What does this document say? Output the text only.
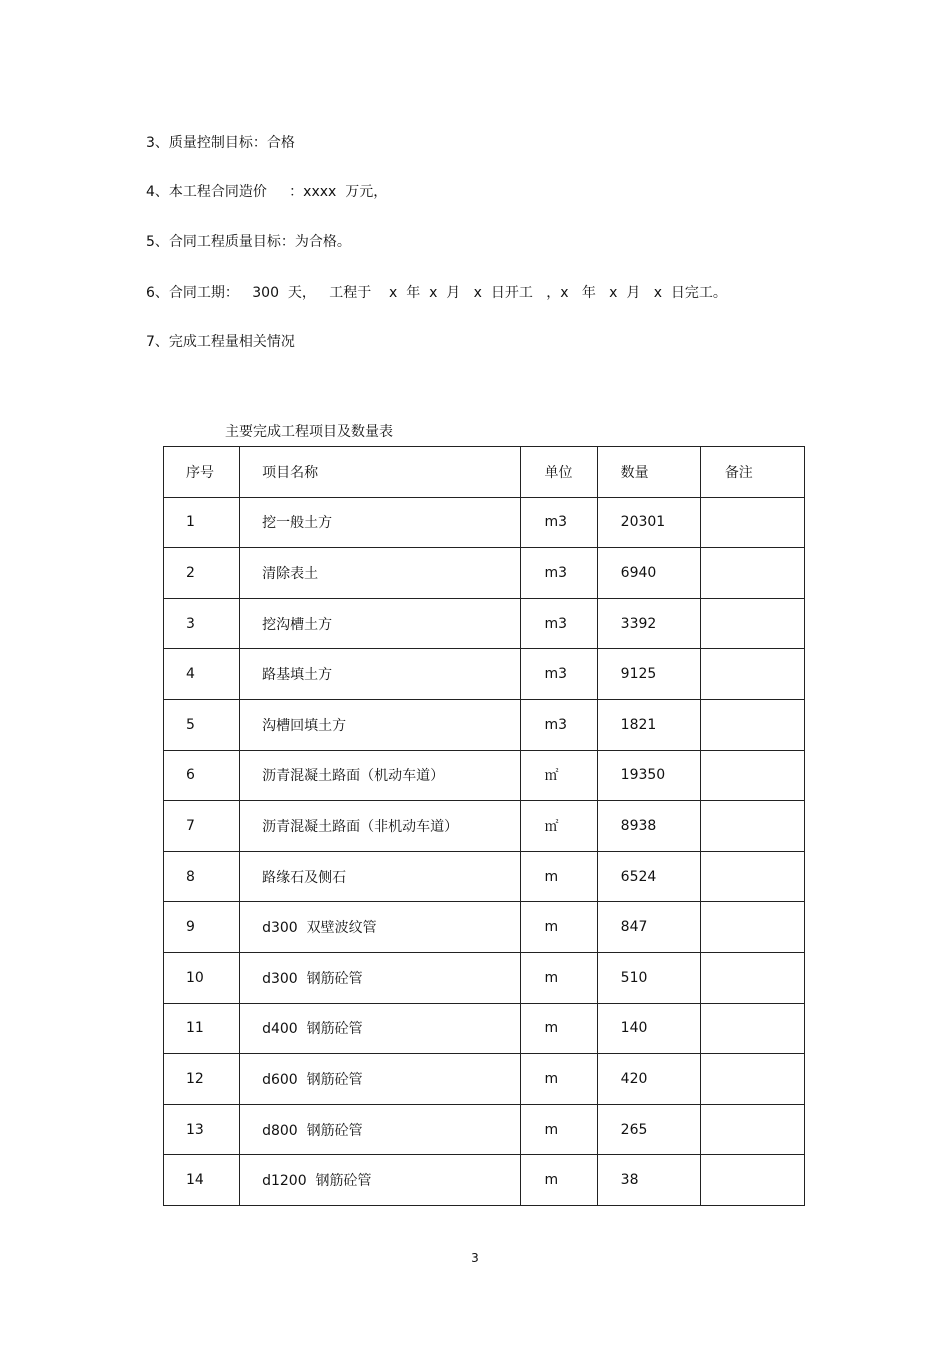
3、质量控制目标：合格
4、本工程合同造价     ：xxxx  万元，
5、合同工程质量目标：为合格。
6、合同工期：   300  天，   工程于    x  年  x  月   x  日开工   ，x   年   x  月   x  日完工。
7、完成工程量相关情况
主要完成工程项目及数量表
序号	项目名称	单位	数量	备注
1	挖一般土方	m3	20301	
2	清除表土	m3	6940	
3	挖沟槽土方	m3	3392	
4	路基填土方	m3	9125	
5	沟槽回填土方	m3	1821	
6	沥青混凝土路面（机动车道）	㎡	19350	
7	沥青混凝土路面（非机动车道）	㎡	8938	
8	路缘石及侧石	m	6524	
9	d300  双壁波纹管	m	847	
10	d300  钢筋砼管	m	510	
11	d400  钢筋砼管	m	140	
12	d600  钢筋砼管	m	420	
13	d800  钢筋砼管	m	265	
14	d1200  钢筋砼管	m	38	
3
